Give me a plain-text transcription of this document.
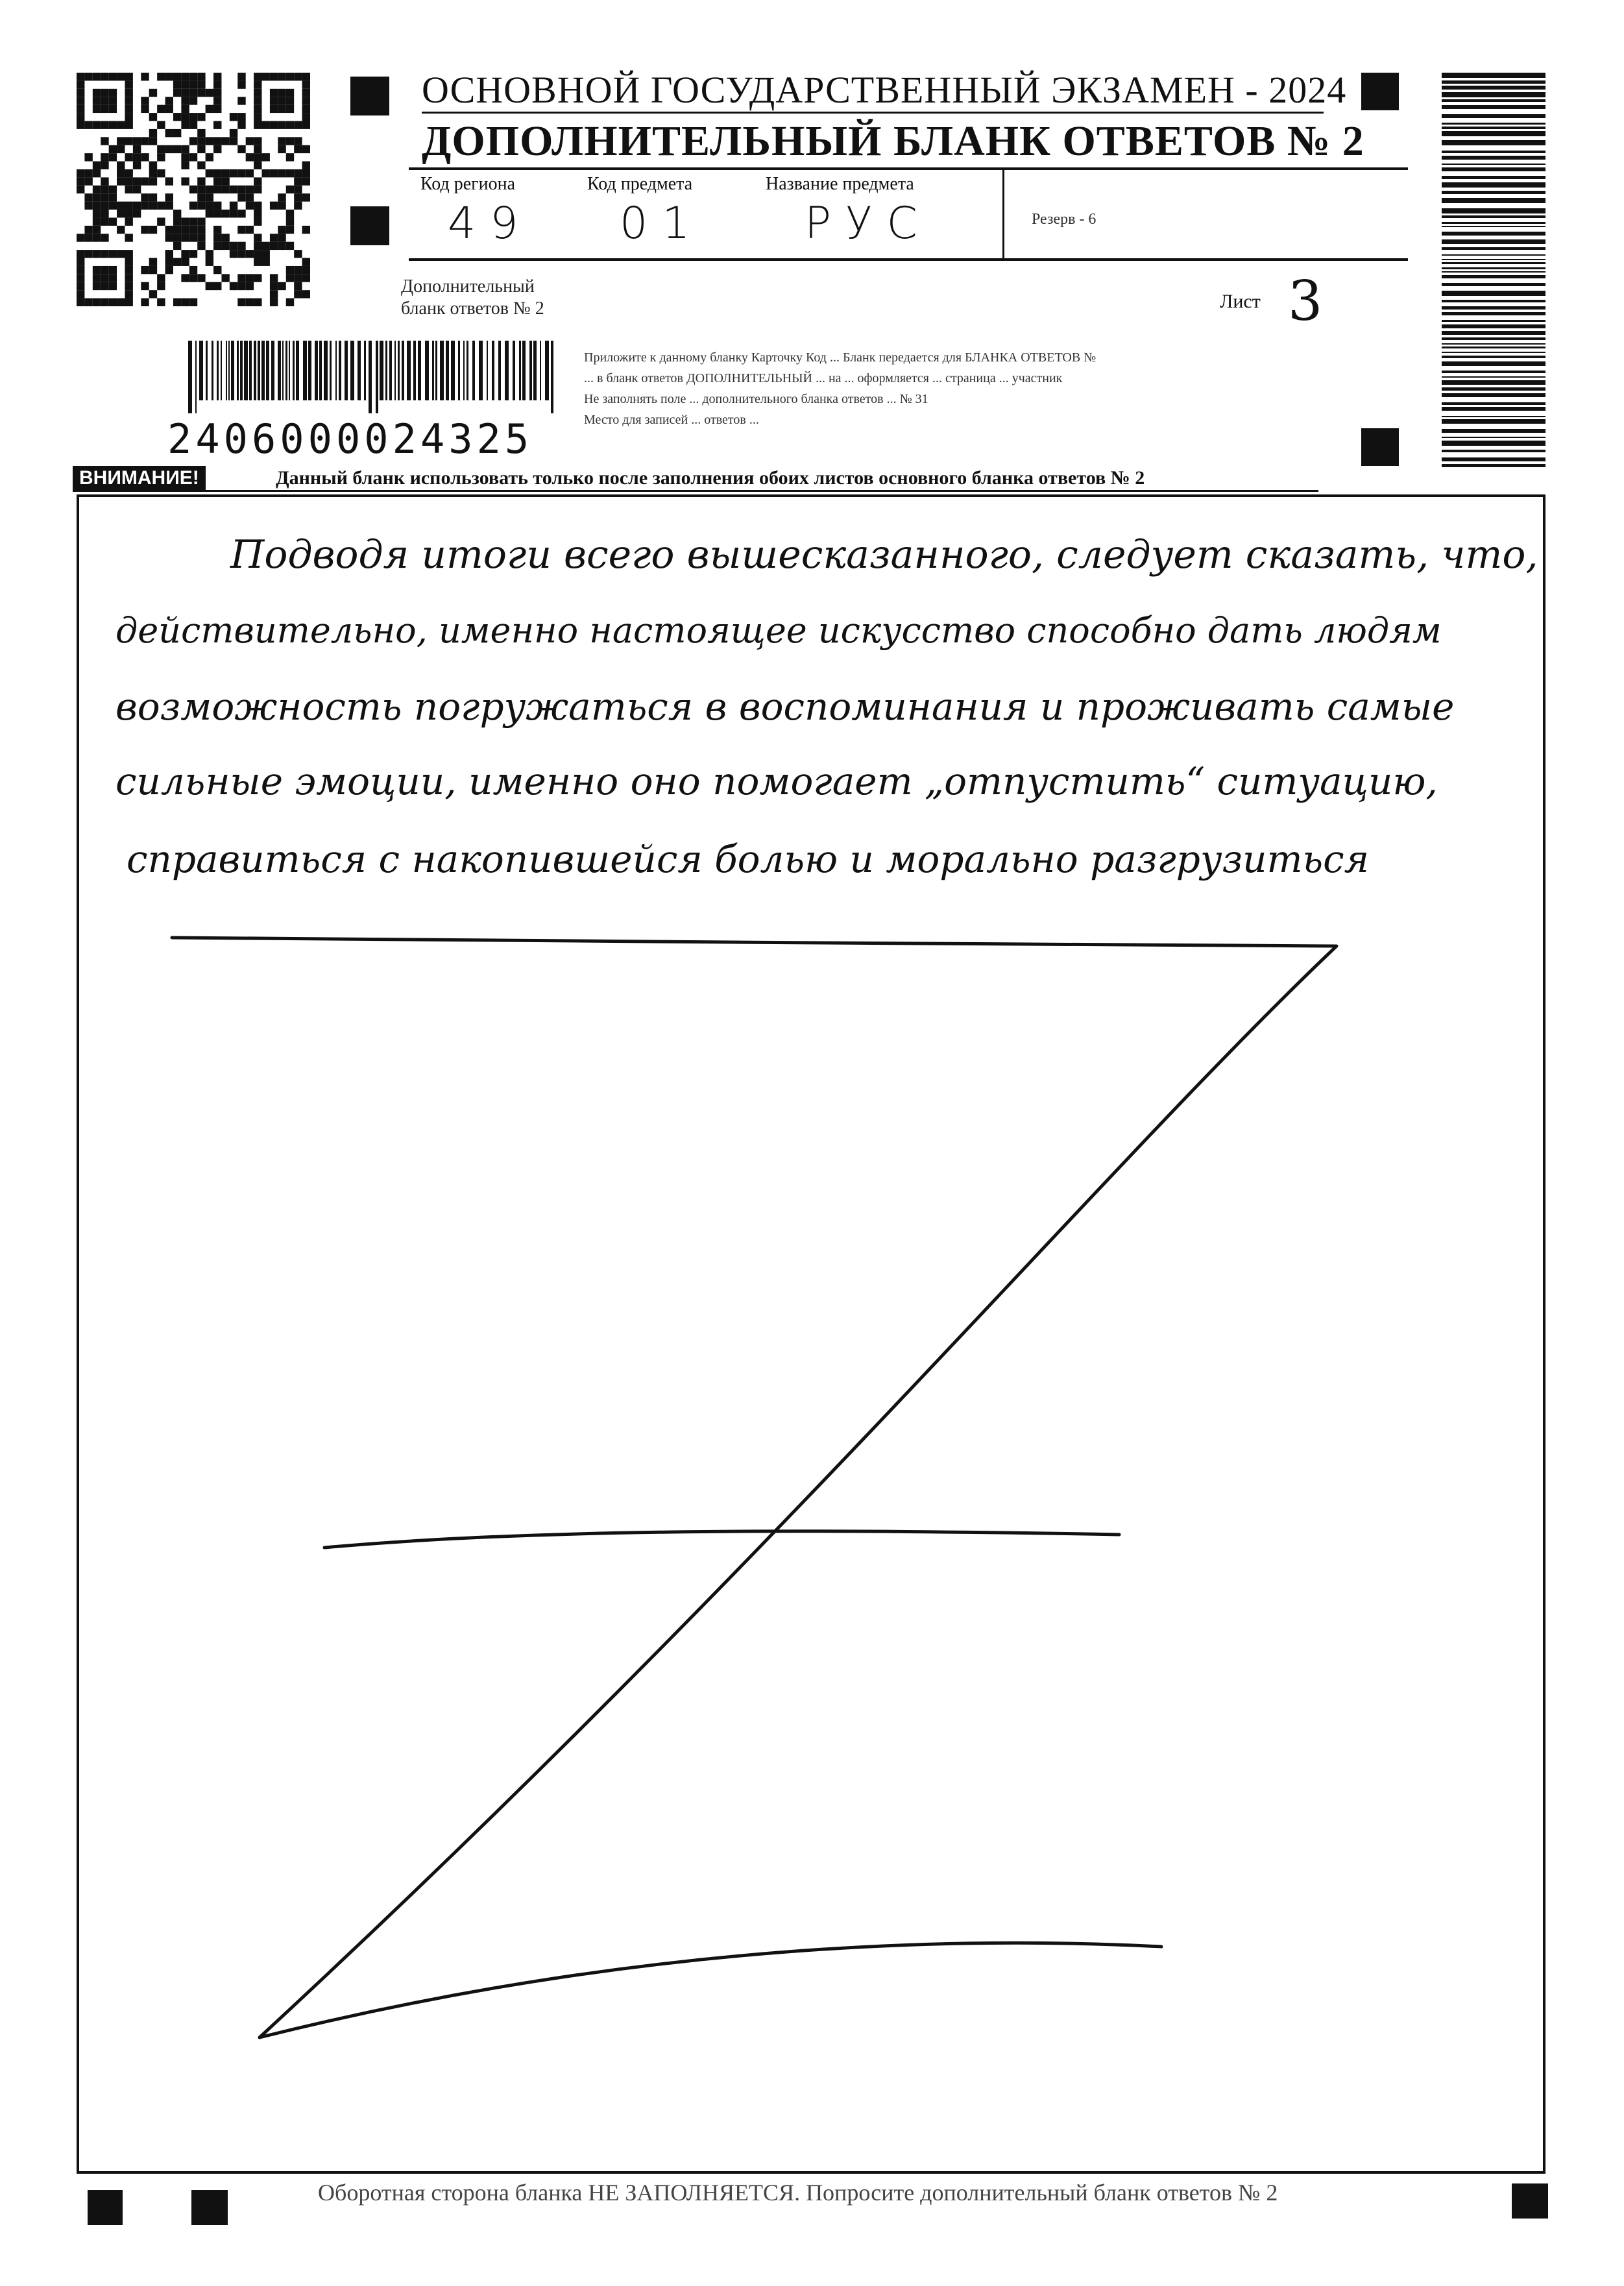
ОСНОВНОЙ ГОСУДАРСТВЕННЫЙ ЭКЗАМЕН - 2024
ДОПОЛНИТЕЛЬНЫЙ БЛАНК ОТВЕТОВ № 2
Код региона
49
Код предмета
01
Название предмета
РУС	Резерв - 6
Дополнительный
бланк ответов № 2	Лист 3
2406000024325
Приложите к данному бланку Карточку Код ... Бланк передается для БЛАНКА ОТВЕТОВ №
... в бланк ответов ДОПОЛНИТЕЛЬНЫЙ ... на ... оформляется ... страница ... участник
Не заполнять поле ... дополнительного бланка ответов ... № 31
Место для записей ... ответов ...
ВНИМАНИЕ!	Данный бланк использовать только после заполнения обоих листов основного бланка ответов № 2
Подводя итоги всего вышесказанного, следует сказать, что,
действительно, именно настоящее искусство способно дать людям
возможность погружаться в воспоминания и проживать самые
сильные эмоции, именно оно помогает „отпустить“ ситуацию,
справиться с накопившейся болью и морально разгрузиться
Оборотная сторона бланка НЕ ЗАПОЛНЯЕТСЯ. Попросите дополнительный бланк ответов № 2
